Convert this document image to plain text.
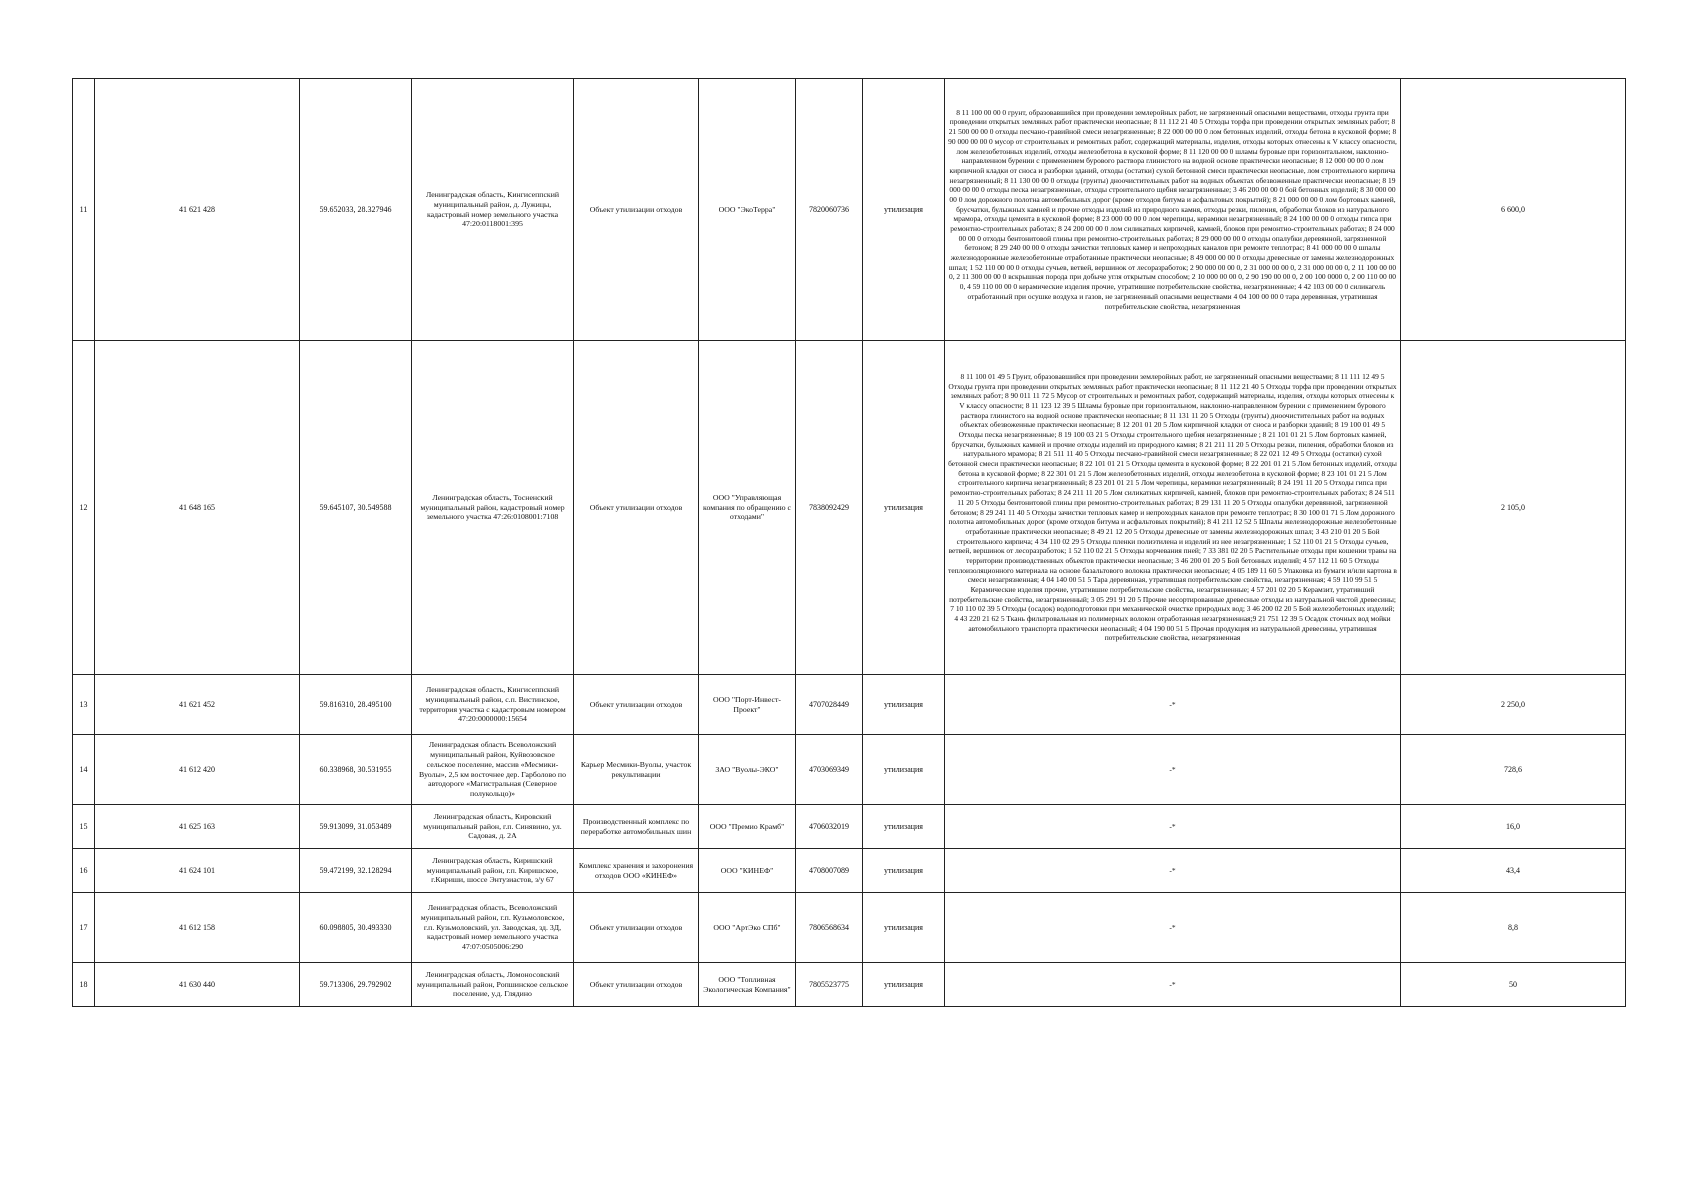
11	41 621 428	59.652033, 28.327946	Ленинградская область, Кингисеппский муниципальный район, д. Лужицы, кадастровый номер земельного участка 47:20:0118001:395	Объект утилизации отходов	ООО "ЭкоТерра"	7820060736	утилизация	8 11 100 00 00 0 грунт, образовавшийся при проведении землеройных работ, не загрязненный опасными веществами, отходы грунта при проведении открытых земляных работ практически неопасные; 8 11 112 21 40 5 Отходы торфа при проведении открытых земляных работ; 8 21 500 00 00 0 отходы песчано-гравийной смеси незагрязненные; 8 22 000 00 00 0 лом бетонных изделий, отходы бетона в кусковой форме; 8 90 000 00 00 0 мусор от строительных и ремонтных работ, содержащий материалы, изделия, отходы которых отнесены к V классу опасности, лом железобетонных изделий, отходы железобетона в кусковой форме; 8 11 120 00 00 0 шламы буровые при горизонтальном, наклонно-направленном бурении с применением бурового раствора глинистого на водной основе практически неопасные; 8 12 000 00 00 0 лом кирпичной кладки от сноса и разборки зданий, отходы (остатки) сухой бетонной смеси практически неопасные, лом строительного кирпича незагрязненный; 8 11 130 00 00 0 отходы (грунты) дноочистительных работ на водных объектах обезвоженные практически неопасные; 8 19 000 00 00 0 отходы песка незагрязненные, отходы строительного щебня незагрязненные; 3 46 200 00 00 0 бой бетонных изделий; 8 30 000 00 00 0 лом дорожного полотна автомобильных дорог (кроме отходов битума и асфальтовых покрытий); 8 21 000 00 00 0 лом бортовых камней, брусчатки, булыжных камней и прочие отходы изделий из природного камня, отходы резки, пиления, обработки блоков из натурального мрамора, отходы цемента в кусковой форме; 8 23 000 00 00 0 лом черепицы, керамики незагрязненный; 8 24 100 00 00 0 отходы гипса при ремонтно-строительных работах; 8 24 200 00 00 0 лом силикатных кирпичей, камней, блоков при ремонтно-строительных работах; 8 24 000 00 00 0 отходы бентонитовой глины при ремонтно-строительных работах; 8 29 000 00 00 0 отходы опалубки деревянной, загрязненной бетоном; 8 29 240 00 00 0 отходы зачистки тепловых камер и непроходных каналов при ремонте теплотрас; 8 41 000 00 00 0 шпалы железнодорожные железобетонные отработанные практически неопасные; 8 49 000 00 00 0 отходы древесные от замены железнодорожных шпал; 1 52 110 00 00 0 отходы сучьев, ветвей, вершинок от лесоразработок; 2 90 000 00 00 0, 2 31 000 00 00 0, 2 31 000 00 00 0, 2 11 100 00 00 0, 2 11 300 00 00 0 вскрышная порода при добыче угля открытым способом; 2 10 000 00 00 0, 2 90 190 00 00 0, 2 00 100 0000 0, 2 00 110 00 00 0, 4 59 110 00 00 0 керамические изделия прочие, утратившие потребительские свойства, незагрязненные; 4 42 103 00 00 0 силикагель отработанный при осушке воздуха и газов, не загрязненный опасными веществами 4 04 100 00 00 0 тара деревянная, утратившая потребительские свойства, незагрязненная	6 600,0
12	41 648 165	59.645107, 30.549588	Ленинградская область, Тосненский муниципальный район, кадастровый номер земельного участка 47:26:0108001:7108	Объект утилизации отходов	ООО "Управляющая компания по обращению с отходами"	7838092429	утилизация	8 11 100 01 49 5 Грунт, образовавшийся при проведении землеройных работ, не загрязненный опасными веществами; 8 11 111 12 49 5 Отходы грунта при проведении открытых земляных работ практически неопасные; 8 11 112 21 40 5 Отходы торфа при проведении открытых земляных работ; 8 90 011 11 72 5 Мусор от строительных и ремонтных работ, содержащий материалы, изделия, отходы которых отнесены к V классу опасности; 8 11 123 12 39 5 Шламы буровые при горизонтальном, наклонно-направленном бурении с применением бурового раствора глинистого на водной основе практически неопасные; 8 11 131 11 20 5 Отходы (грунты) дноочистительных работ на водных объектах обезвоженные практически неопасные; 8 12 201 01 20 5 Лом кирпичной кладки от сноса и разборки зданий; 8 19 100 01 49 5 Отходы песка незагрязненные; 8 19 100 03 21 5 Отходы строительного щебня незагрязненные ; 8 21 101 01 21 5 Лом бортовых камней, брусчатки, булыжных камней и прочие отходы изделий из природного камня; 8 21 211 11 20 5 Отходы резки, пиления, обработки блоков из натурального мрамора; 8 21 511 11 40 5 Отходы песчано-гравийной смеси незагрязненные; 8 22 021 12 49 5 Отходы (остатки) сухой бетонной смеси практически неопасные; 8 22 101 01 21 5 Отходы цемента в кусковой форме; 8 22 201 01 21 5 Лом бетонных изделий, отходы бетона в кусковой форме; 8 22 301 01 21 5 Лом железобетонных изделий, отходы железобетона в кусковой форме; 8 23 101 01 21 5 Лом строительного кирпича незагрязненный; 8 23 201 01 21 5 Лом черепицы, керамики незагрязненный; 8 24 191 11 20 5 Отходы гипса при ремонтно-строительных работах; 8 24 211 11 20 5 Лом силикатных кирпичей, камней, блоков при ремонтно-строительных работах; 8 24 511 11 20 5 Отходы бентонитовой глины при ремонтно-строительных работах; 8 29 131 11 20 5 Отходы опалубки деревянной, загрязненной бетоном; 8 29 241 11 40 5 Отходы зачистки тепловых камер и непроходных каналов при ремонте теплотрас; 8 30 100 01 71 5 Лом дорожного полотна автомобильных дорог (кроме отходов битума и асфальтовых покрытий); 8 41 211 12 52 5 Шпалы железнодорожные железобетонные отработанные практически неопасные; 8 49 21 12 20 5 Отходы древесные от замены железнодорожных шпал; 3 43 210 01 20 5 Бой строительного кирпича; 4 34 110 02 29 5 Отходы пленки полиэтилена и изделий из нее незагрязненные; 1 52 110 01 21 5 Отходы сучьев, ветвей, вершинок от лесоразработок; 1 52 110 02 21 5 Отходы корчевания пней; 7 33 381 02 20 5 Растительные отходы при кошении травы на территории производственных объектов практически неопасные; 3 46 200 01 20 5 Бой бетонных изделий; 4 57 112 11 60 5 Отходы теплоизоляционного материала на основе базальтового волокна практически неопасные; 4 05 189 11 60 5 Упаковка из бумаги и/или картона в смеси незагрязненная; 4 04 140 00 51 5 Тара деревянная, утратившая потребительские свойства, незагрязненная; 4 59 110 99 51 5 Керамические изделия прочие, утратившие потребительские свойства, незагрязненные; 4 57 201 02 20 5 Керамзит, утративший потребительские свойства, незагрязненный; 3 05 291 91 20 5 Прочие несортированные древесные отходы из натуральной чистой древесины; 7 10 110 02 39 5 Отходы (осадок) водоподготовки при механической очистке природных вод; 3 46 200 02 20 5 Бой железобетонных изделий; 4 43 220 21 62 5 Ткань фильтровальная из полимерных волокон отработанная незагрязненная;9 21 751 12 39 5 Осадок сточных вод мойки автомобильного транспорта практически неопасный; 4 04 190 00 51 5 Прочая продукция из натуральной древесины, утратившая потребительские свойства, незагрязненная	2 105,0
13	41 621 452	59.816310, 28.495100	Ленинградская область, Кингисеппский муниципальный район, с.п. Вистинское, территория участка с кадастровым номером 47:20:0000000:15654	Объект утилизации отходов	ООО "Порт-Инвест-Проект"	4707028449	утилизация	-*	2 250,0
14	41 612 420	60.338968, 30.531955	Ленинградская область Всеволожский муниципальный район, Куйвозовское сельское поселение, массив «Месмики-Вуолы», 2,5 км восточнее дер. Гарболово по автодороге «Магистральная (Северное полукольцо)»	Карьер Месмики-Вуолы, участок рекультивации	ЗАО "Вуолы-ЭКО"	4703069349	утилизация	-*	728,6
15	41 625 163	59.913099, 31.053489	Ленинградская область, Кировский муниципальный район, г.п. Синявино, ул. Садовая, д. 2А	Производственный комплекс по переработке автомобильных шин	ООО "Премио Крамб"	4706032019	утилизация	-*	16,0
16	41 624 101	59.472199, 32.128294	Ленинградская область, Киришский муниципальный район, г.п. Киришское, г.Кириши, шоссе Энтузиастов, з/у 67	Комплекс хранения и захоронения отходов ООО «КИНЕФ»	ООО "КИНЕФ"	4708007089	утилизация	-*	43,4
17	41 612 158	60.098805, 30.493330	Ленинградская область, Всеволожский муниципальный район, г.п. Кузьмоловское, г.п. Кузьмоловский, ул. Заводская, зд. 3Д, кадастровый номер земельного участка 47:07:0505006:290	Объект утилизации отходов	ООО "АртЭко СПб"	7806568634	утилизация	-*	8,8
18	41 630 440	59.713306, 29.792902	Ленинградская область, Ломоносовский муниципальный район, Ропшинское сельское поселение, у.д. Глядино	Объект утилизации отходов	ООО "Топливная Экологическая Компания"	7805523775	утилизация	-*	50
